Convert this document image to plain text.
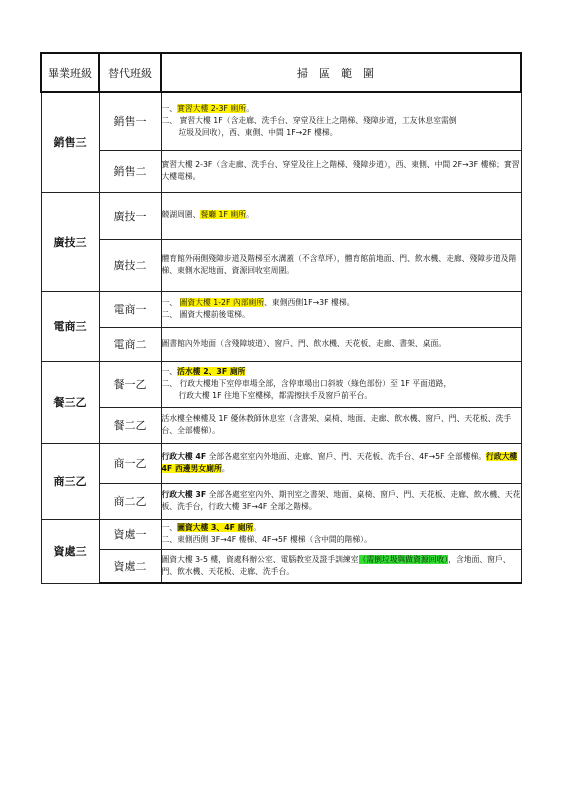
畢業班級	替代班級	掃區範圍
銷售三	銷售一	一、實習大樓 2-3F 廁所。
二、 實習大樓 1F（含走廊、洗手台、穿堂及往上之階梯、殘障步道，工友休息室需倒
垃圾及回收），西、東側、中間 1F→2F 樓梯。

	銷售二	實習大樓 2-3F（含走廊、洗手台、穿堂及往上之階梯、殘障步道），西、東側、中間 2F→3F 樓梯；實習大樓電梯。

廣技三	廣技一	競湖周圍、餐廳 1F 廁所。

	廣技二	體育館外兩側殘障步道及階梯至水溝蓋（不含草坪），體育館前地面、門、飲水機、走廊、殘障步道及階梯、東側水泥地面、資源回收室周圍。

電商三	電商一	一、 圖資大樓 1-2F 內部廁所、東側西側1F→3F 樓梯。
二、 圖資大樓前後電梯。

	電商二	圖書館內外地面（含殘障坡道）、窗戶、門、飲水機、天花板、走廊、書架、桌面。

餐三乙	餐一乙	一、活水樓 2、3F 廁所
二、 行政大樓地下室停車場全部，含停車場出口斜坡（綠色部份）至 1F 平面道路，
行政大樓 1F 往地下室樓梯，都需擦扶手及窗戶前平台。

	餐二乙	活水樓全棟樓及 1F 優休教師休息室（含書架、桌椅、地面、走廊、飲水機、窗戶、門、天花板、洗手台、全部樓梯）。

商三乙	商一乙	行政大樓 4F 全部各處室室內外地面、走廊、窗戶、門、天花板、洗手台、4F→5F 全部樓梯。行政大樓 4F 西邊男女廁所。

	商二乙	行政大樓 3F 全部各處室室內外、期刊室之書架、地面、桌椅、窗戶、門、天花板、走廊、飲水機、天花板、洗手台，行政大樓 3F→4F 全部之階梯。

資處三	資處一	一、圖資大樓 3、4F 廁所。
二、東側西側 3F→4F 樓梯、4F→5F 樓梯（含中間的階梯）。

	資處二	圖資大樓 3-5 樓，資處科辦公室、電腦教室及證手訓練室（需倒垃圾與做資源回收），含地面、窗戶、門、飲水機、天花板、走廊、洗手台。
